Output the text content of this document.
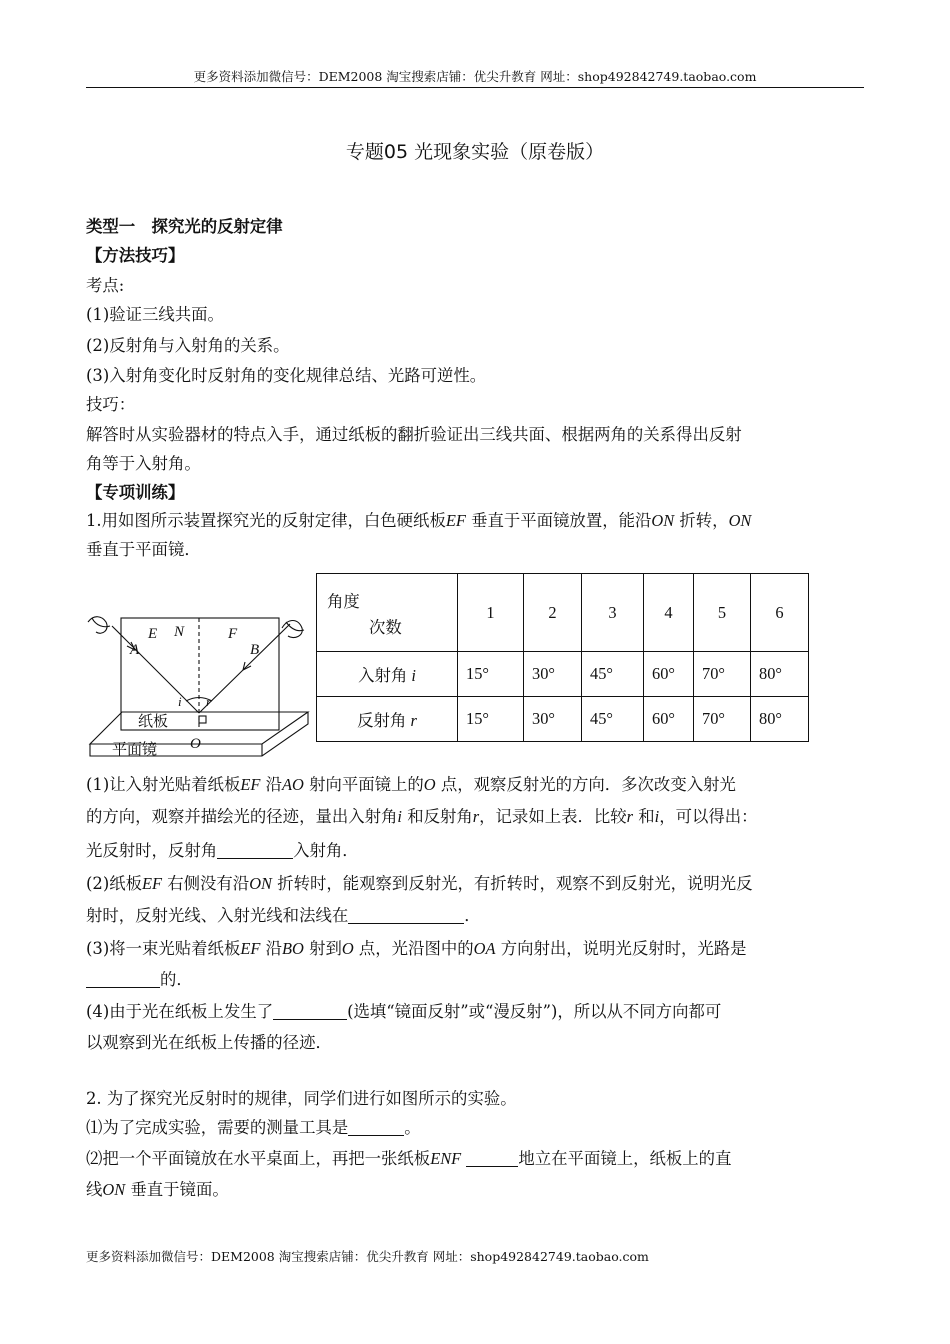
更多资料添加微信号：DEM2008 淘宝搜索店铺：优尖升教育 网址：shop492842749.taobao.com
专题05 光现象实验（原卷版）
类型一　探究光的反射定律
【方法技巧】
考点:
(1)验证三线共面。
(2)反射角与入射角的关系。
(3)入射角变化时反射角的变化规律总结、光路可逆性。
技巧：
解答时从实验器材的特点入手，通过纸板的翻折验证出三线共面、根据两角的关系得出反射
角等于入射角。
【专项训练】
1.用如图所示装置探究光的反射定律，白色硬纸板EF 垂直于平面镜放置，能沿ON 折转，ON
垂直于平面镜．
E N	F
A	B
i r
O
纸板
平面镜
角度
次数	1	2	3	4	5	6
入射角 i	15°	30°	45°	60°	70°	80°
反射角 r	15°	30°	45°	60°	70°	80°
(1)让入射光贴着纸板EF 沿AO 射向平面镜上的O 点，观察反射光的方向．多次改变入射光
的方向，观察并描绘光的径迹，量出入射角i 和反射角r，记录如上表．比较r 和i，可以得出：
光反射时，反射角	入射角．
(2)纸板EF 右侧没有沿ON 折转时，能观察到反射光，有折转时，观察不到反射光，说明光反
射时，反射光线、入射光线和法线在	．
(3)将一束光贴着纸板EF 沿BO 射到O 点，光沿图中的OA 方向射出，说明光反射时，光路是
的．
(4)由于光在纸板上发生了	(选填“镜面反射”或“漫反射”)，所以从不同方向都可
以观察到光在纸板上传播的径迹．
2. 为了探究光反射时的规律，同学们进行如图所示的实验。
⑴为了完成实验，需要的测量工具是	。
⑵把一个平面镜放在水平桌面上，再把一张纸板ENF	地立在平面镜上，纸板上的直
线ON 垂直于镜面。
更多资料添加微信号：DEM2008 淘宝搜索店铺：优尖升教育 网址：shop492842749.taobao.com
